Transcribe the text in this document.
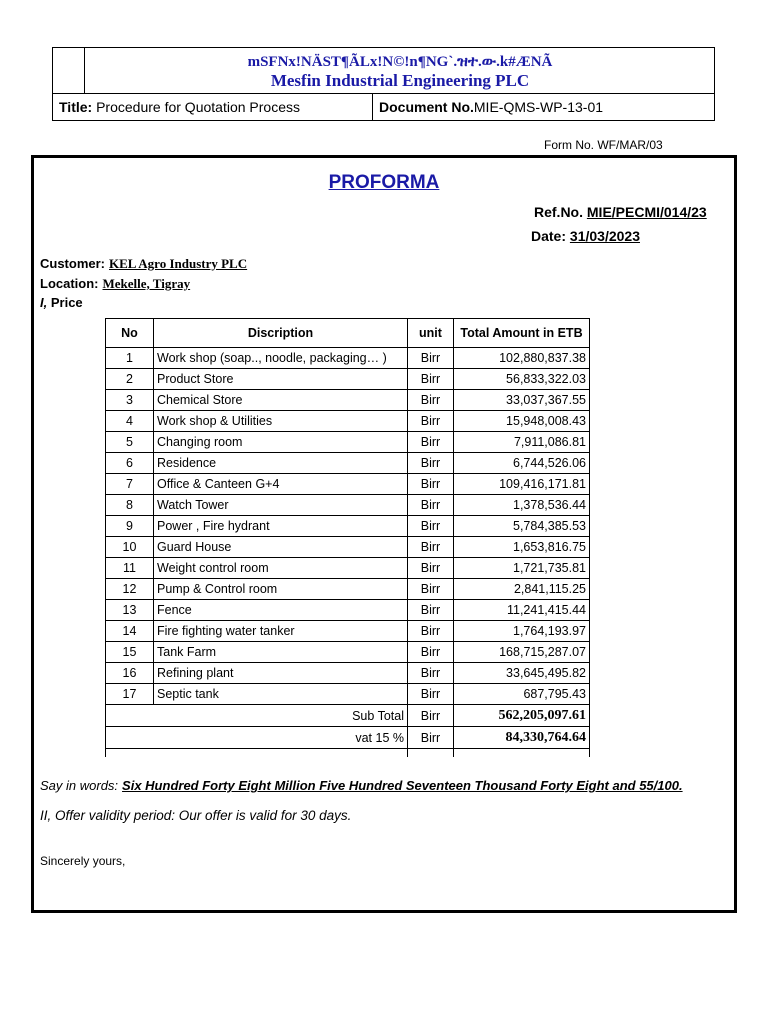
mSFNx!NÄST¶ÃLx!N©!n¶NG`.ዝተ.ው.k#ÆNÃ
Mesfin Industrial Engineering PLC
Title: Procedure for Quotation Process	Document No.MIE-QMS-WP-13-01
Form No. WF/MAR/03
PROFORMA
Ref.No. MIE/PECMI/014/23
Date: 31/03/2023
Customer: KEL Agro Industry PLC
Location: Mekelle, Tigray
I, Price
No	Discription	unit	Total Amount in ETB
1	Work shop (soap.., noodle, packaging… )	Birr	102,880,837.38
2	Product Store	Birr	56,833,322.03
3	Chemical Store	Birr	33,037,367.55
4	Work shop & Utilities	Birr	15,948,008.43
5	Changing room	Birr	7,911,086.81
6	Residence	Birr	6,744,526.06
7	Office & Canteen G+4	Birr	109,416,171.81
8	Watch Tower	Birr	1,378,536.44
9	Power , Fire hydrant	Birr	5,784,385.53
10	Guard House	Birr	1,653,816.75
11	Weight control room	Birr	1,721,735.81
12	Pump & Control room	Birr	2,841,115.25
13	Fence	Birr	11,241,415.44
14	Fire fighting water tanker	Birr	1,764,193.97
15	Tank Farm	Birr	168,715,287.07
16	Refining plant	Birr	33,645,495.82
17	Septic tank	Birr	687,795.43
Sub Total		Birr	562,205,097.61
vat 15 %		Birr	84,330,764.64

Say in words: Six Hundred Forty Eight Million Five Hundred Seventeen Thousand Forty Eight and 55/100.
II, Offer validity period: Our offer is valid for 30 days.
Sincerely yours,
